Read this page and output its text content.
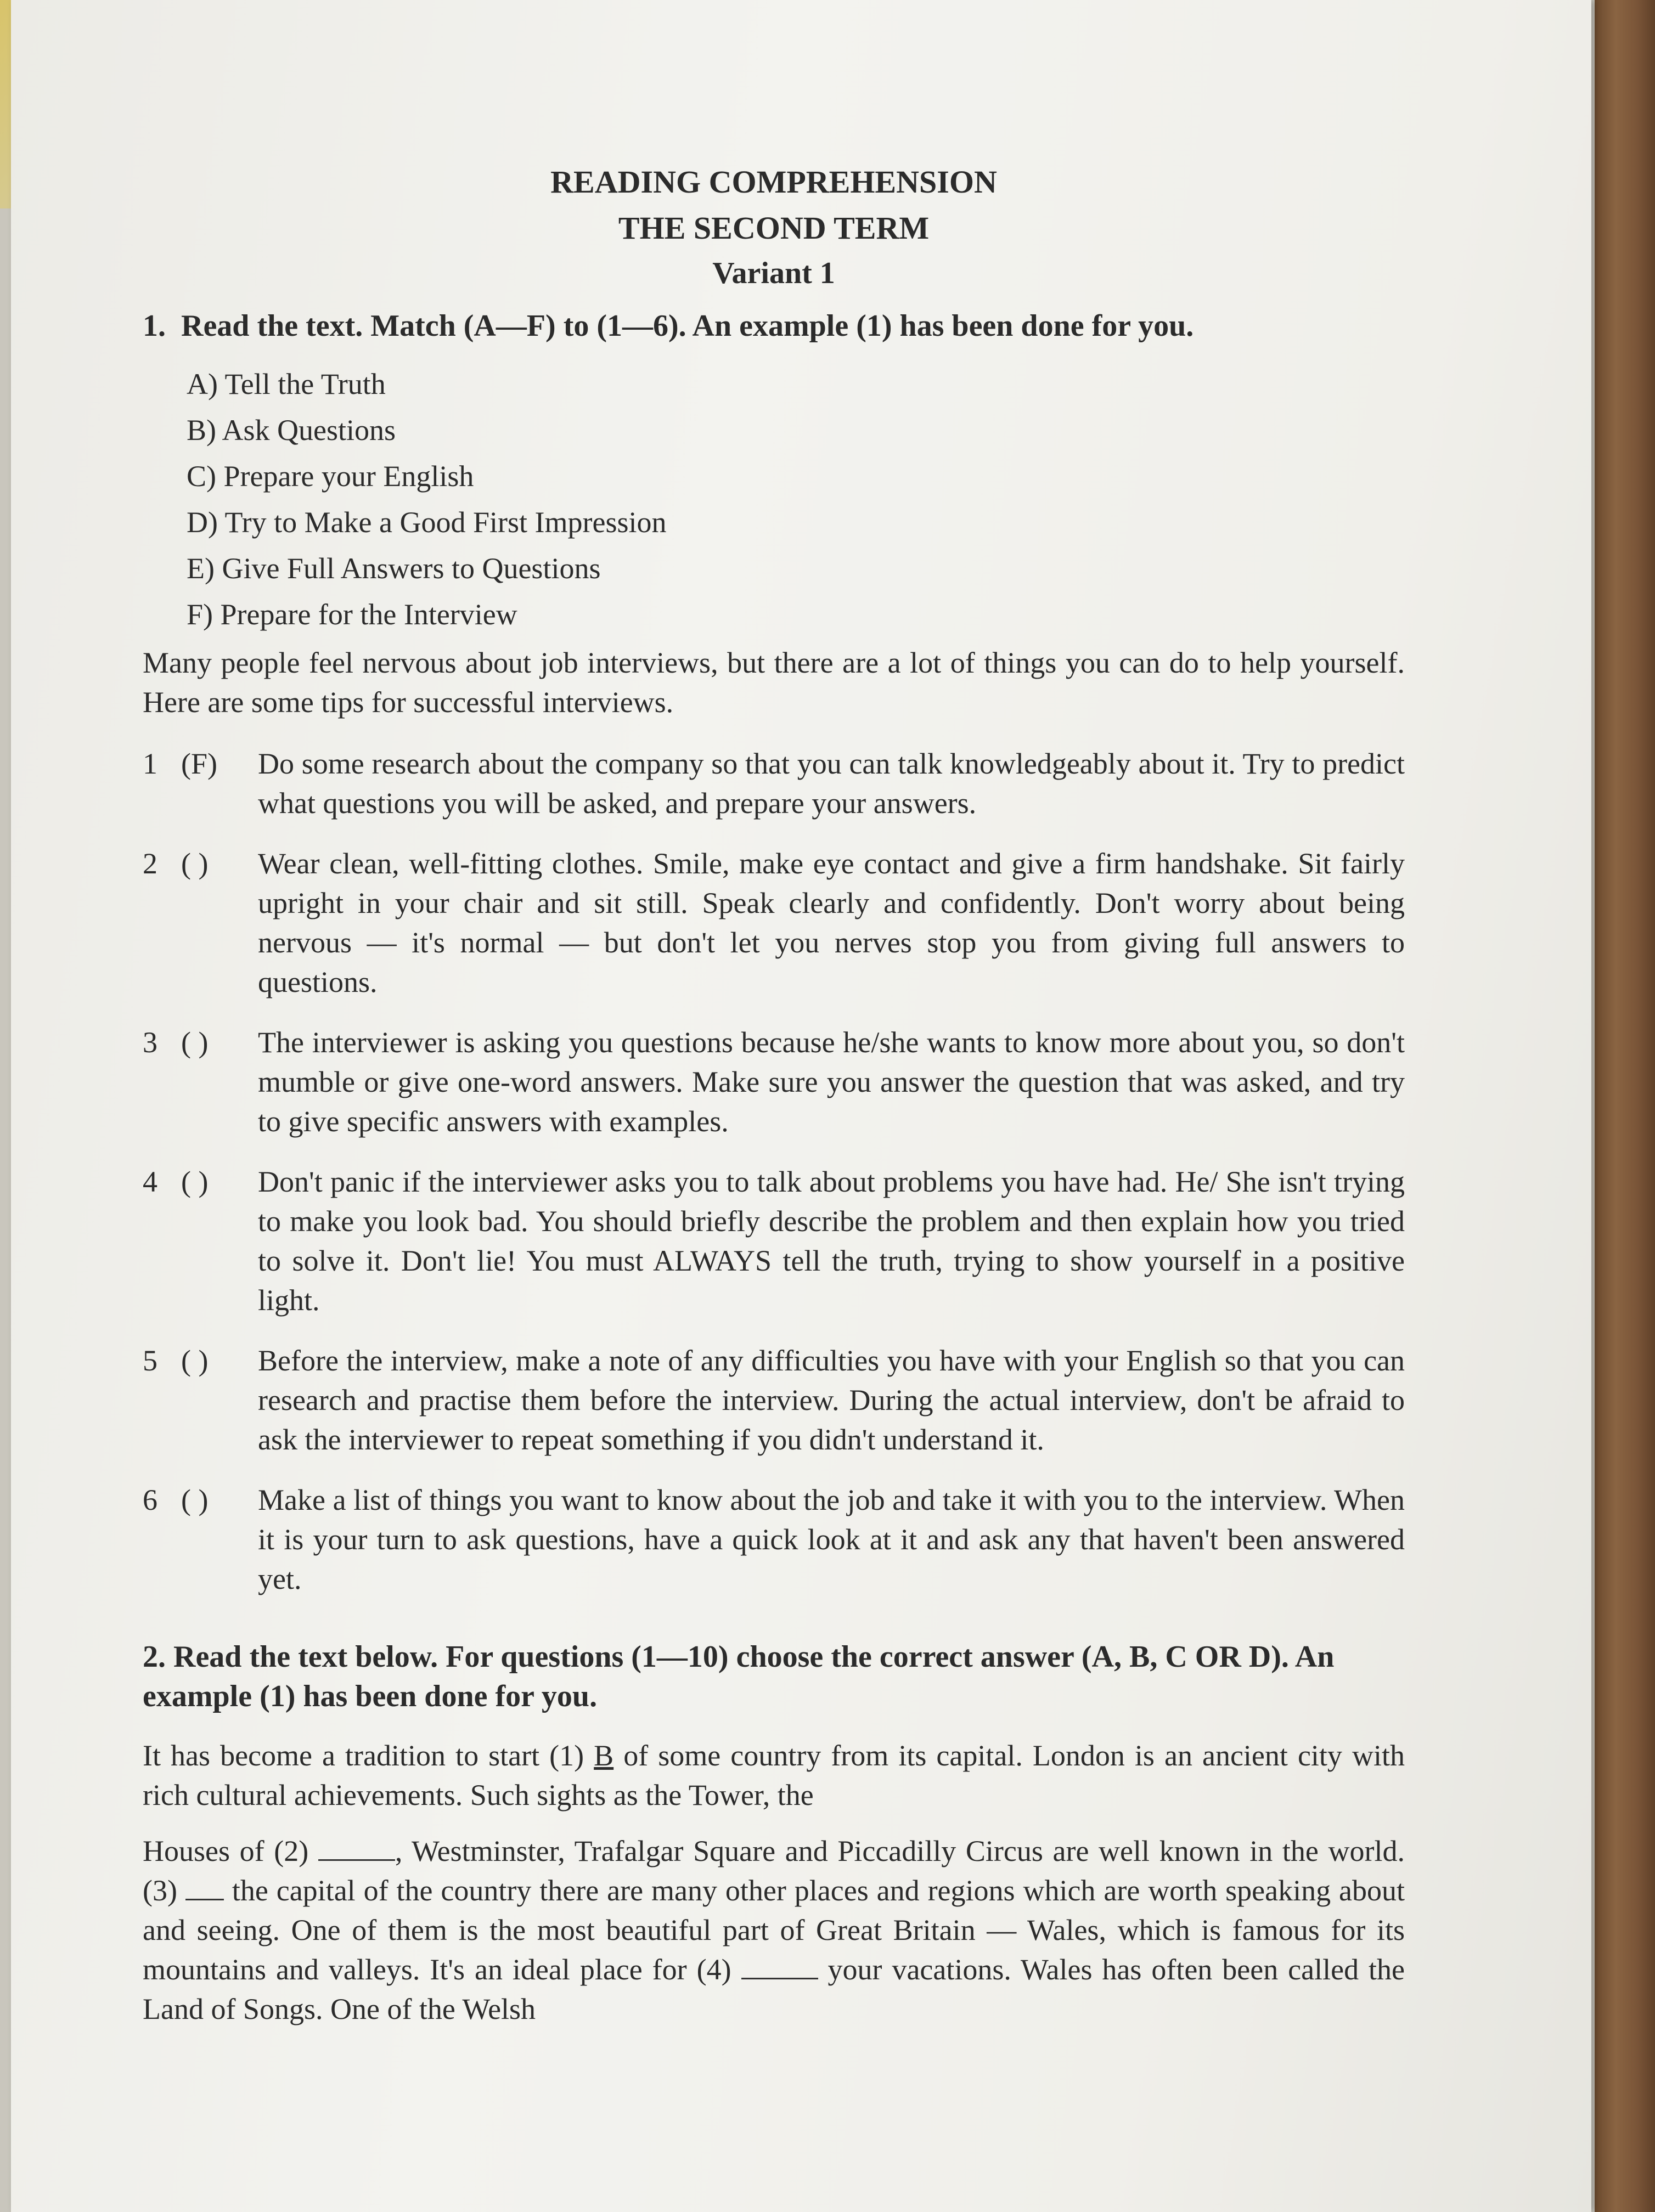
READING COMPREHENSION
THE SECOND TERM
Variant 1
1. Read the text. Match (A—F) to (1—6). An example (1) has been done for you.
A) Tell the Truth
B) Ask Questions
C) Prepare your English
D) Try to Make a Good First Impression
E) Give Full Answers to Questions
F) Prepare for the Interview

Many people feel nervous about job interviews, but there are a lot of things you can do to help yourself. Here are some tips for successful interviews.

1 (F)	Do some research about the company so that you can talk knowledgeably about it. Try to predict what questions you will be asked, and prepare your answers.
2 ( )	Wear clean, well-fitting clothes. Smile, make eye contact and give a firm handshake. Sit fairly upright in your chair and sit still. Speak clearly and confidently. Don't worry about being nervous — it's normal — but don't let you nerves stop you from giving full answers to questions.
3 ( )	The interviewer is asking you questions because he/she wants to know more about you, so don't mumble or give one-word answers. Make sure you answer the question that was asked, and try to give specific answers with examples.
4 ( )	Don't panic if the interviewer asks you to talk about problems you have had. He/ She isn't trying to make you look bad. You should briefly describe the problem and then explain how you tried to solve it. Don't lie! You must ALWAYS tell the truth, trying to show yourself in a positive light.
5 ( )	Before the interview, make a note of any difficulties you have with your English so that you can research and practise them before the interview. During the actual interview, don't be afraid to ask the interviewer to repeat something if you didn't understand it.
6 ( )	Make a list of things you want to know about the job and take it with you to the interview. When it is your turn to ask questions, have a quick look at it and ask any that haven't been answered yet.

2. Read the text below. For questions (1—10) choose the correct answer (A, B, C OR D). An example (1) has been done for you.

It has become a tradition to start (1) B of some country from its capital. London is an ancient city with rich cultural achievements. Such sights as the Tower, the

Houses of (2)	, Westminster, Trafalgar Square and Piccadilly Circus are well known in the world. (3)  the capital of the country there are many other places and regions which are worth speaking about and seeing. One of them is the most beautiful part of Great Britain — Wales, which is famous for its mountains and valleys. It's an ideal place for (4)	your vacations. Wales has often been called the Land of Songs. One of the Welsh
